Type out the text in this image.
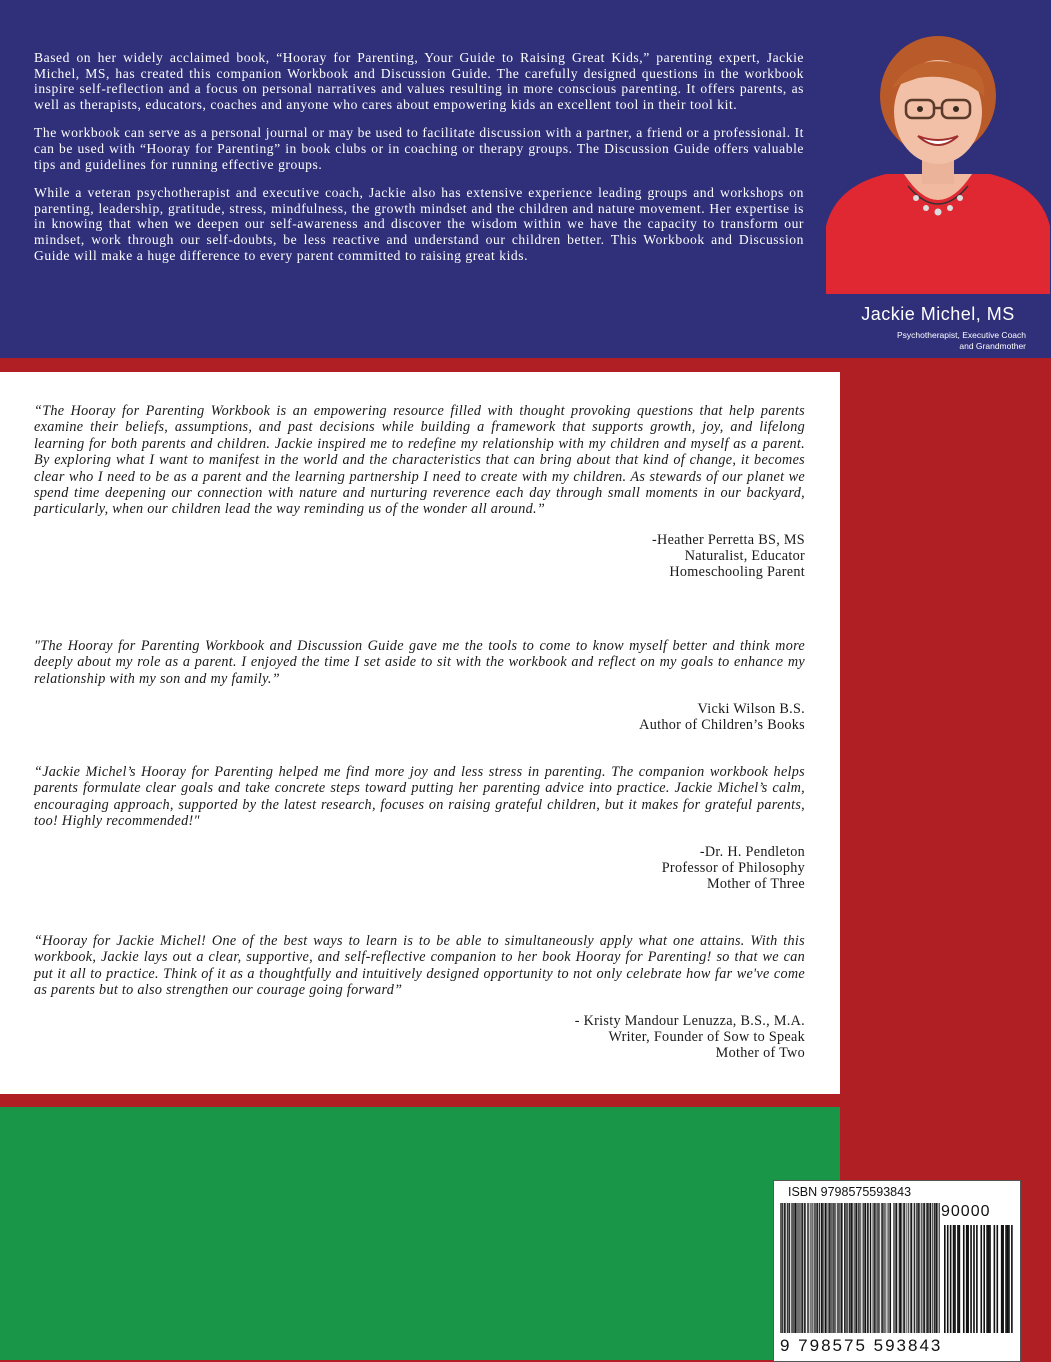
Based on her widely acclaimed book, “Hooray for Parenting, Your Guide to Raising Great Kids,” parenting expert, Jackie Michel, MS, has created this companion Workbook and Discussion Guide. The carefully designed questions in the workbook inspire self-reflection and a focus on personal narratives and values resulting in more conscious parenting. It offers parents, as well as therapists, educators, coaches and anyone who cares about empowering kids an excellent tool in their tool kit.

The workbook can serve as a personal journal or may be used to facilitate discussion with a partner, a friend or a professional. It can be used with “Hooray for Parenting” in book clubs or in coaching or therapy groups. The Discussion Guide offers valuable tips and guidelines for running effective groups.

While a veteran psychotherapist and executive coach, Jackie also has extensive experience leading groups and workshops on parenting, leadership, gratitude, stress, mindfulness, the growth mindset and the children and nature movement. Her expertise is in knowing that when we deepen our self-awareness and discover the wisdom within we have the capacity to transform our mindset, work through our self-doubts, be less reactive and understand our children better. This Workbook and Discussion Guide will make a huge difference to every parent committed to raising great kids.

Jackie Michel, MS
Psychotherapist, Executive Coach
and Grandmother

“The Hooray for Parenting Workbook is an empowering resource filled with thought provoking questions that help parents examine their beliefs, assumptions, and past decisions while building a framework that supports growth, joy, and lifelong learning for both parents and children. Jackie inspired me to redefine my relationship with my children and myself as a parent. By exploring what I want to manifest in the world and the characteristics that can bring about that kind of change, it becomes clear who I need to be as a parent and the learning partnership I need to create with my children. As stewards of our planet we spend time deepening our connection with nature and nurturing reverence each day through small moments in our backyard, particularly, when our children lead the way reminding us of the wonder all around.”

-Heather Perretta BS, MS
Naturalist, Educator
Homeschooling Parent

"The Hooray for Parenting Workbook and Discussion Guide gave me the tools to come to know myself better and think more deeply about my role as a parent. I enjoyed the time I set aside to sit with the workbook and reflect on my goals to enhance my relationship with my son and my family.”

Vicki Wilson B.S.
Author of Children’s Books

“Jackie Michel’s Hooray for Parenting helped me find more joy and less stress in parenting. The companion workbook helps parents formulate clear goals and take concrete steps toward putting her parenting advice into practice. Jackie Michel’s calm, encouraging approach, supported by the latest research, focuses on raising grateful children, but it makes for grateful parents, too! Highly recommended!"

-Dr. H. Pendleton
Professor of Philosophy
Mother of Three

“Hooray for Jackie Michel! One of the best ways to learn is to be able to simultaneously apply what one attains. With this workbook, Jackie lays out a clear, supportive, and self-reflective companion to her book Hooray for Parenting! so that we can put it all to practice. Think of it as a thoughtfully and intuitively designed opportunity to not only celebrate how far we've come as parents but to also strengthen our courage going forward”

- Kristy Mandour Lenuzza, B.S., M.A.
Writer, Founder of Sow to Speak
Mother of Two
ISBN 9798575593843
90000
9 798575 593843
